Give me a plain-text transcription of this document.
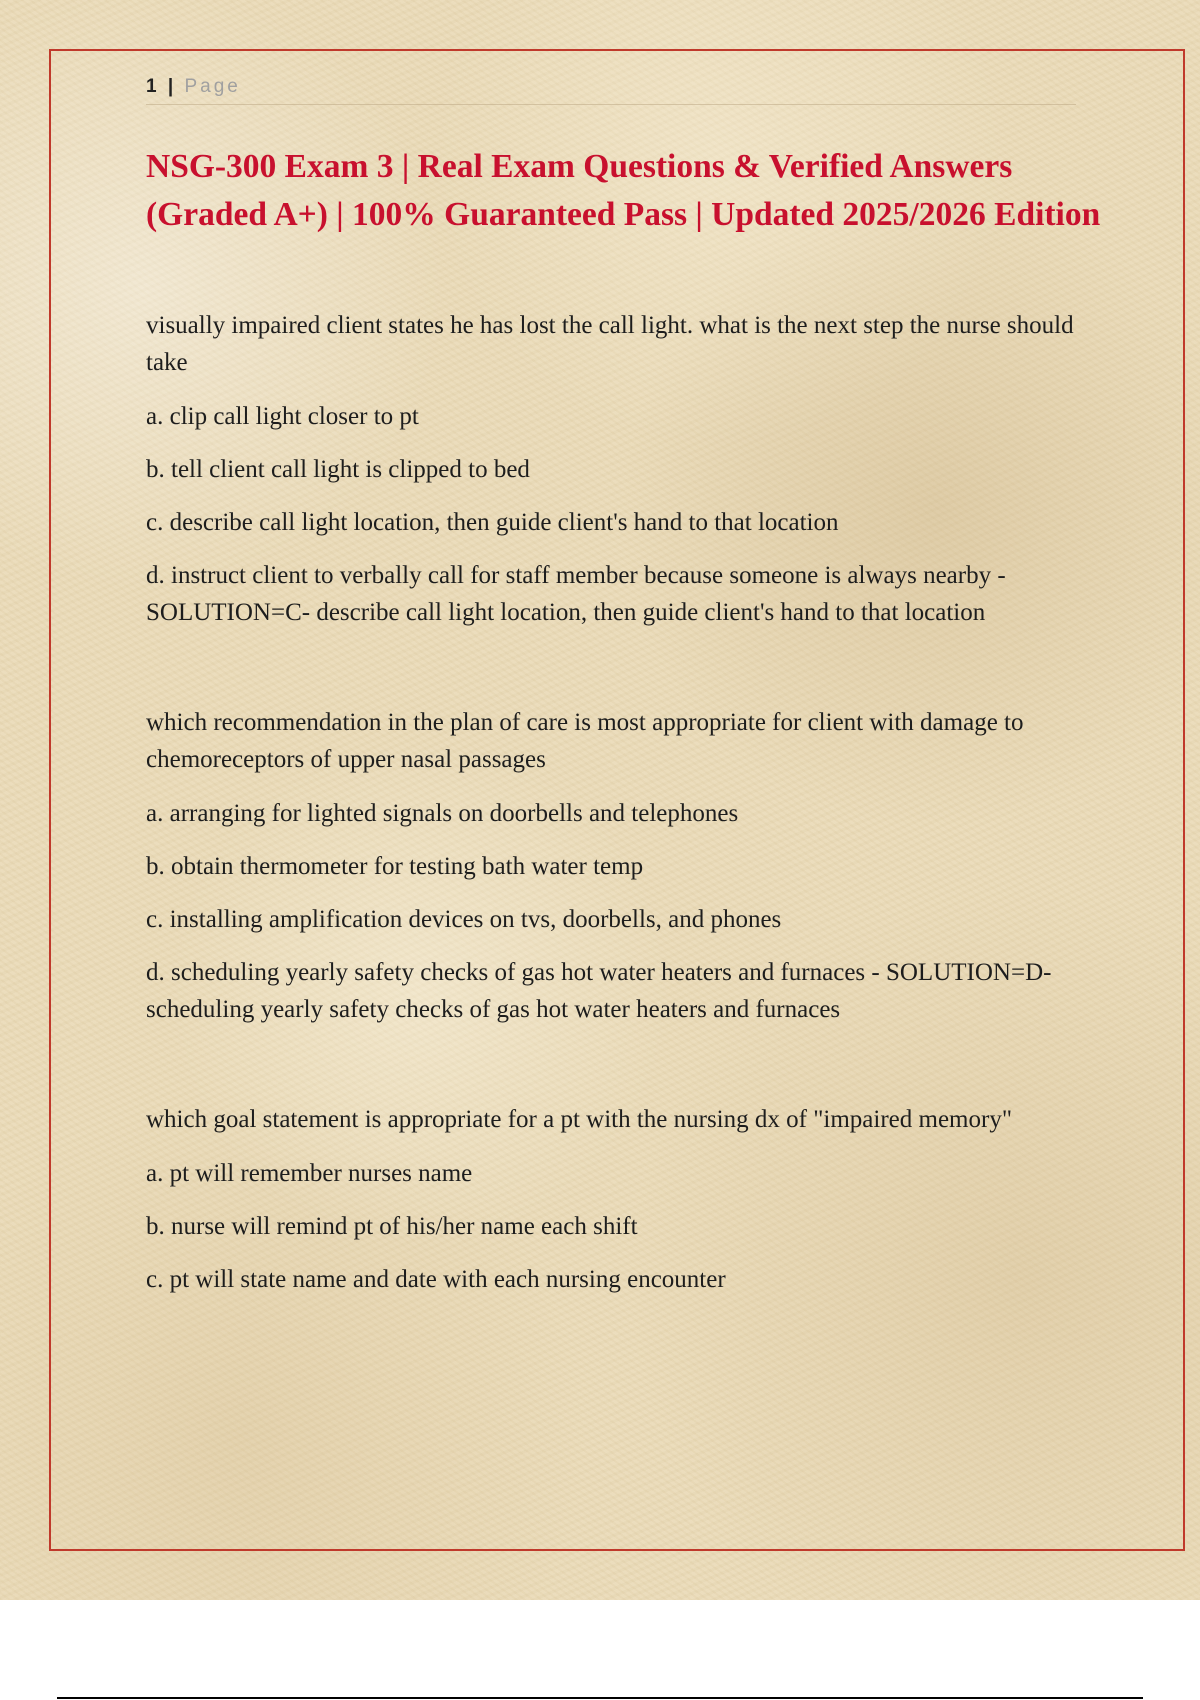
1 | Page
NSG-300 Exam 3 | Real Exam Questions & Verified Answers (Graded A+) | 100% Guaranteed Pass | Updated 2025/2026 Edition

visually impaired client states he has lost the call light. what is the next step the nurse should take

a. clip call light closer to pt

b. tell client call light is clipped to bed

c. describe call light location, then guide client's hand to that location

d. instruct client to verbally call for staff member because someone is always nearby - SOLUTION=C- describe call light location, then guide client's hand to that location

which recommendation in the plan of care is most appropriate for client with damage to chemoreceptors of upper nasal passages

a. arranging for lighted signals on doorbells and telephones

b. obtain thermometer for testing bath water temp

c. installing amplification devices on tvs, doorbells, and phones

d. scheduling yearly safety checks of gas hot water heaters and furnaces - SOLUTION=D- scheduling yearly safety checks of gas hot water heaters and furnaces

which goal statement is appropriate for a pt with the nursing dx of "impaired memory"

a. pt will remember nurses name

b. nurse will remind pt of his/her name each shift

c. pt will state name and date with each nursing encounter
